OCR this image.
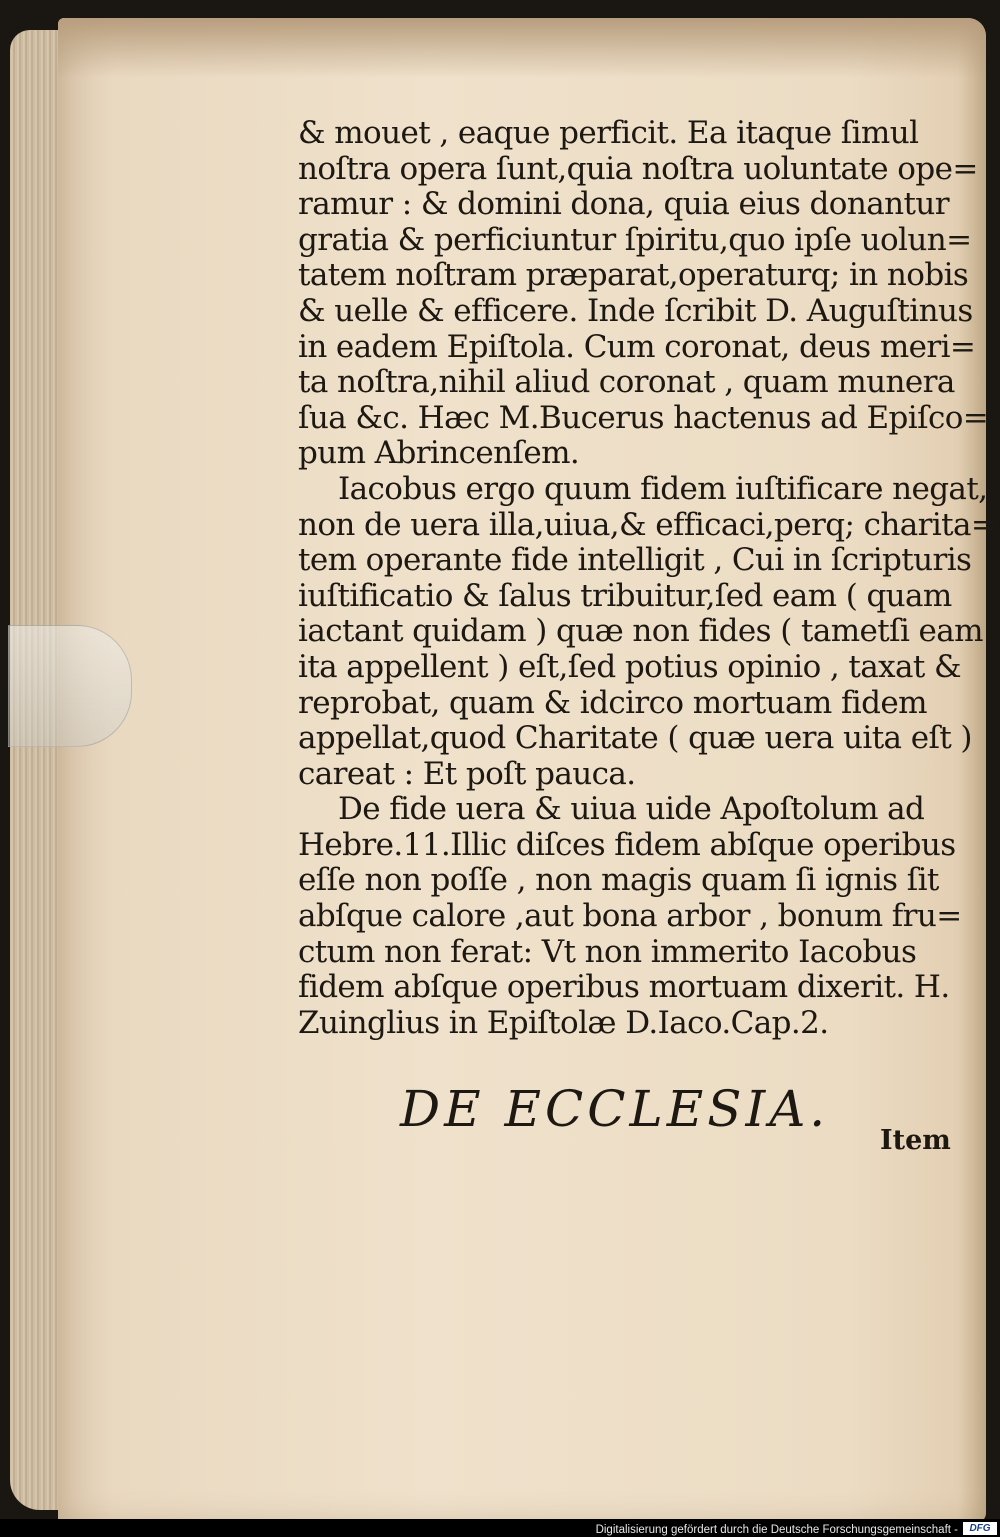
& mouet , eaque perficit. Ea itaque ſimul
noſtra opera ſunt,quia noſtra uoluntate ope=
ramur : & domini dona, quia eius donantur
gratia & perficiuntur ſpiritu,quo ipſe uolun=
tatem noſtram præparat,operaturq; in nobis
& uelle & efficere. Inde ſcribit D. Auguſtinus
in eadem Epiſtola. Cum coronat, deus meri=
ta noſtra,nihil aliud coronat , quam munera
ſua &c. Hæc M.Bucerus hactenus ad Epiſco=
pum Abrincenſem.
Iacobus ergo quum fidem iuſtificare negat,
non de uera illa,uiua,& efficaci,perq; charita=
tem operante fide intelligit , Cui in ſcripturis
iuſtificatio & ſalus tribuitur,ſed eam ( quam
iactant quidam ) quæ non fides ( tametſi eam
ita appellent ) eſt,ſed potius opinio , taxat &
reprobat, quam & idcirco mortuam fidem
appellat,quod Charitate ( quæ uera uita eſt )
careat : Et poſt pauca.
De fide uera & uiua uide Apoſtolum ad
Hebre.11.Illic diſces fidem abſque operibus
eſſe non poſſe , non magis quam ſi ignis ſit
abſque calore ,aut bona arbor , bonum fru=
ctum non ferat: Vt non immerito Iacobus
fidem abſque operibus mortuam dixerit. H.
Zuinglius in Epiſtolæ D.Iaco.Cap.2.
DE ECCLESIA.
Item
Digitalisierung gefördert durch die Deutsche Forschungsgemeinschaft -	DFG
